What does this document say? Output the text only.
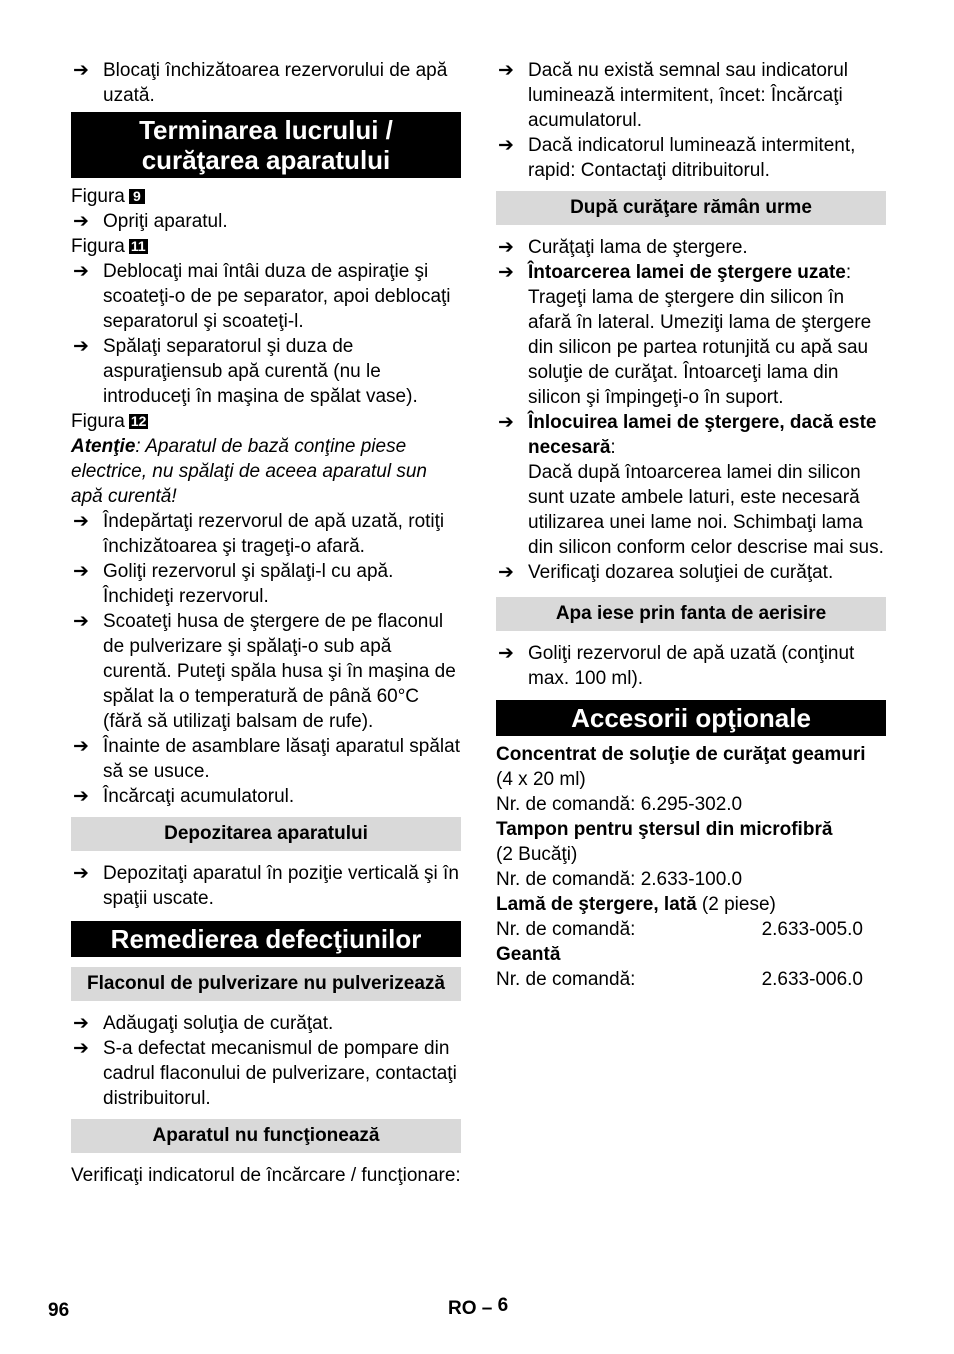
➔ Blocaţi închizătoarea rezervorului de apă uzată.
Terminarea lucrului / curăţarea aparatului
Figura 9
➔ Opriţi aparatul.
Figura 11
➔ Deblocaţi mai întâi duza de aspiraţie şi scoateţi-o de pe separator, apoi deblocaţi separatorul şi scoateţi-l.
➔ Spălaţi separatorul şi duza de aspuraţiensub apă curentă (nu le introduceţi în maşina de spălat vase).
Figura 12
Atenţie: Aparatul de bază conţine piese electrice, nu spălaţi de aceea aparatul sun apă curentă!
➔ Îndepărtaţi rezervorul de apă uzată, rotiţi închizătoarea şi trageţi-o afară.
➔ Goliţi rezervorul şi spălaţi-l cu apă. Închideţi rezervorul.
➔ Scoateţi husa de ştergere de pe flaconul de pulverizare şi spălaţi-o sub apă curentă. Puteţi spăla husa şi în maşina de spălat la o temperatură de până 60°C (fără să utilizaţi balsam de rufe).
➔ Înainte de asamblare lăsaţi aparatul spălat să se usuce.
➔ Încărcaţi acumulatorul.
Depozitarea aparatului
➔ Depozitaţi aparatul în poziţie verticală şi în spaţii uscate.
Remedierea defecţiunilor
Flaconul de pulverizare nu pulverizează
➔ Adăugaţi soluţia de curăţat.
➔ S-a defectat mecanismul de pompare din cadrul flaconului de pulverizare, contactaţi distribuitorul.
Aparatul nu funcţionează
Verificaţi indicatorul de încărcare / funcţionare:
➔ Dacă nu există semnal sau indicatorul luminează intermitent, încet: Încărcaţi acumulatorul.
➔ Dacă indicatorul luminează intermitent, rapid: Contactaţi ditribuitorul.
După curăţare rămân urme
➔ Curăţaţi lama de ştergere.
➔ Întoarcerea lamei de ştergere uzate: Trageţi lama de ştergere din silicon în afară în lateral. Umeziţi lama de ştergere din silicon pe partea rotunjită cu apă sau soluţie de curăţat. Întoarceţi lama din silicon şi împingeţi-o în suport.
➔ Înlocuirea lamei de ştergere, dacă este necesară:
Dacă după întoarcerea lamei din silicon sunt uzate ambele laturi, este necesară utilizarea unei lame noi. Schimbaţi lama din silicon conform celor descrise mai sus.
➔ Verificaţi dozarea soluţiei de curăţat.
Apa iese prin fanta de aerisire
➔ Goliţi rezervorul de apă uzată (conţinut max. 100 ml).
Accesorii opţionale
Concentrat de soluţie de curăţat geamuri (4 x 20 ml)
Nr. de comandă: 6.295-302.0
Tampon pentru ştersul din microfibră
(2 Bucăţi)
Nr. de comandă: 2.633-100.0
Lamă de ştergere, lată (2 piese)
Nr. de comandă:	2.633-005.0
Geantă
Nr. de comandă:	2.633-006.0
96	RO – 6
